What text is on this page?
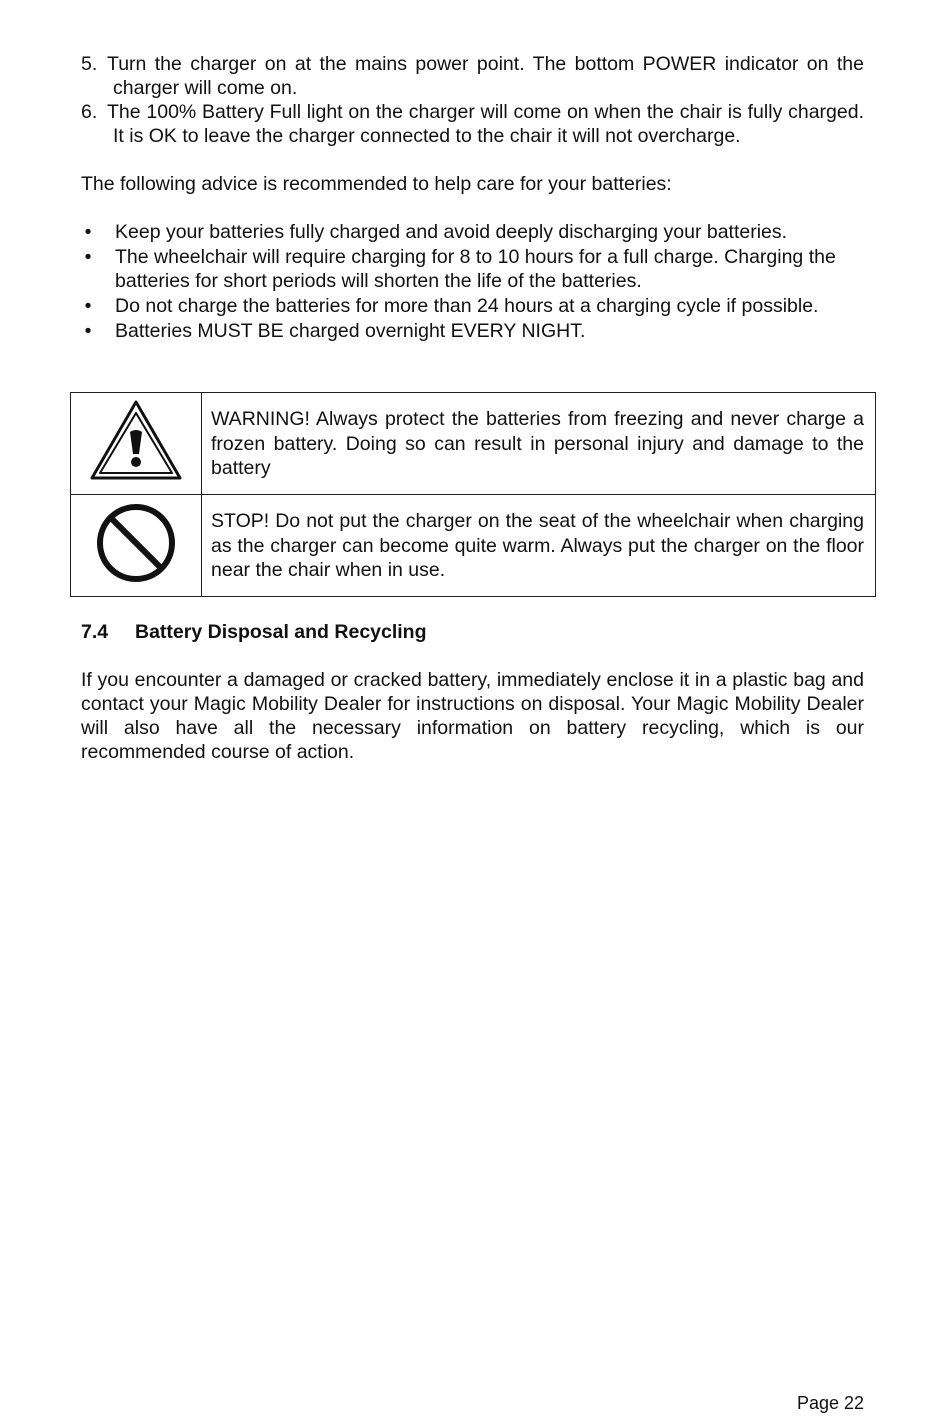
5. Turn the charger on at the mains power point. The bottom POWER indicator on the charger will come on.
6. The 100% Battery Full light on the charger will come on when the chair is fully charged. It is OK to leave the charger connected to the chair it will not overcharge.

The following advice is recommended to help care for your batteries:

• Keep your batteries fully charged and avoid deeply discharging your batteries.
• The wheelchair will require charging for 8 to 10 hours for a full charge. Charging the batteries for short periods will shorten the life of the batteries.
• Do not charge the batteries for more than 24 hours at a charging cycle if possible.
• Batteries MUST BE charged overnight EVERY NIGHT.
	WARNING! Always protect the batteries from freezing and never charge a frozen battery. Doing so can result in personal injury and damage to the battery
	STOP! Do not put the charger on the seat of the wheelchair when charging as the charger can become quite warm. Always put the charger on the floor near the chair when in use.
7.4 Battery Disposal and Recycling

If you encounter a damaged or cracked battery, immediately enclose it in a plastic bag and contact your Magic Mobility Dealer for instructions on disposal. Your Magic Mobility Dealer will also have all the necessary information on battery recycling, which is our recommended course of action.

Page 22
